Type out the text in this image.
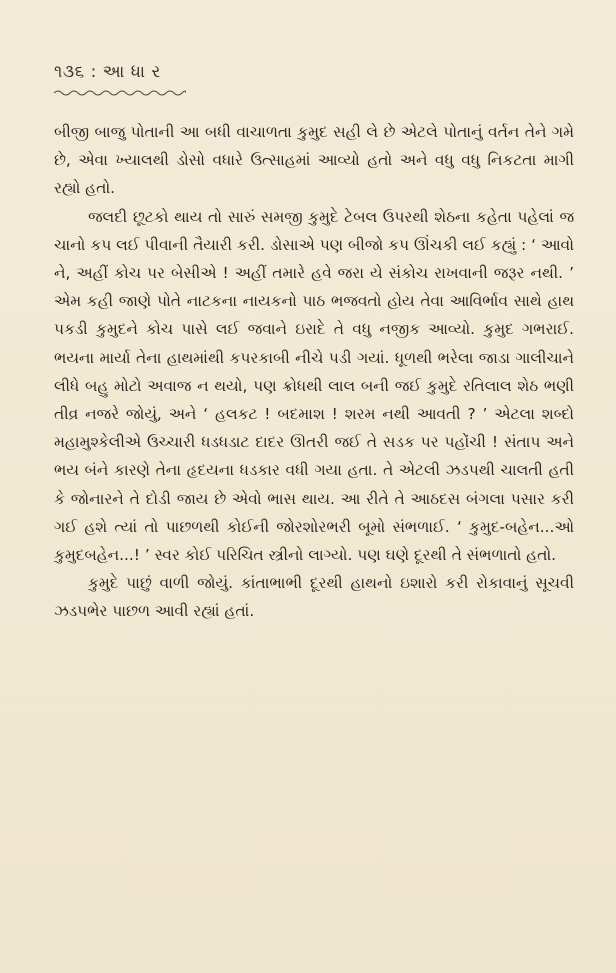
૧૩૬ : આ ધા ર

બીજી બાજુ પોતાની આ બધી વાચાળતા કુમુદ સહી લે છે એટલે પોતાનું વર્તન તેને ગમે છે, એવા ખ્યાલથી ડોસો વધારે ઉત્સાહમાં આવ્યો હતો અને વધુ વધુ નિકટતા માગી રહ્યો હતો.

જલદી છૂટકો થાય તો સારું સમજી કુમુદે ટેબલ ઉપરથી શેઠના કહેતા પહેલાં જ ચાનો કપ લઈ પીવાની તૈયારી કરી. ડોસાએ પણ બીજો કપ ઊંચકી લઈ કહ્યું : ‘ આવો ને, અહીં કોચ પર બેસીએ ! અહીં તમારે હવે જરા યે સંકોચ રાખવાની જરૂર નથી. ’ એમ કહી જાણે પોતે નાટકના નાયકનો પાઠ ભજવતો હોય તેવા આવિર્ભાવ સાથે હાથ પકડી કુમુદને કોચ પાસે લઈ જવાને ઇરાદે તે વધુ નજીક આવ્યો. કુમુદ ગભરાઈ. ભયના માર્યા તેના હાથમાંથી કપરકાબી નીચે પડી ગયાં. ધૂળથી ભરેલા જાડા ગાલીચાને લીધે બહુ મોટો અવાજ ન થયો, પણ ક્રોધથી લાલ બની જઈ કુમુદે રતિલાલ શેઠ ભણી તીવ્ર નજરે જોયું, અને ‘ હલકટ ! બદમાશ ! શરમ નથી આવતી ? ’ એટલા શબ્દો મહામુશ્કેલીએ ઉચ્ચારી ધડધડાટ દાદર ઊતરી જઈ તે સડક પર પહોંચી ! સંતાપ અને ભય બંને કારણે તેના હૃદયના ધડકાર વધી ગયા હતા. તે એટલી ઝડપથી ચાલતી હતી કે જોનારને તે દોડી જાય છે એવો ભાસ થાય. આ રીતે તે આઠદસ બંગલા પસાર કરી ગઈ હશે ત્યાં તો પાછળથી કોઈની જોરશોરભરી બૂમો સંભળાઈ. ‘ કુમુદ-બહેન...ઓ કુમુદબહેન...! ’ સ્વર કોઈ પરિચિત સ્ત્રીનો લાગ્યો. પણ ઘણે દૂરથી તે સંભળાતો હતો.

કુમુદે પાછું વાળી જોયું. કાંતાભાભી દૂરથી હાથનો ઇશારો કરી રોકાવાનું સૂચવી ઝડપભેર પાછળ આવી રહ્યાં હતાં.
